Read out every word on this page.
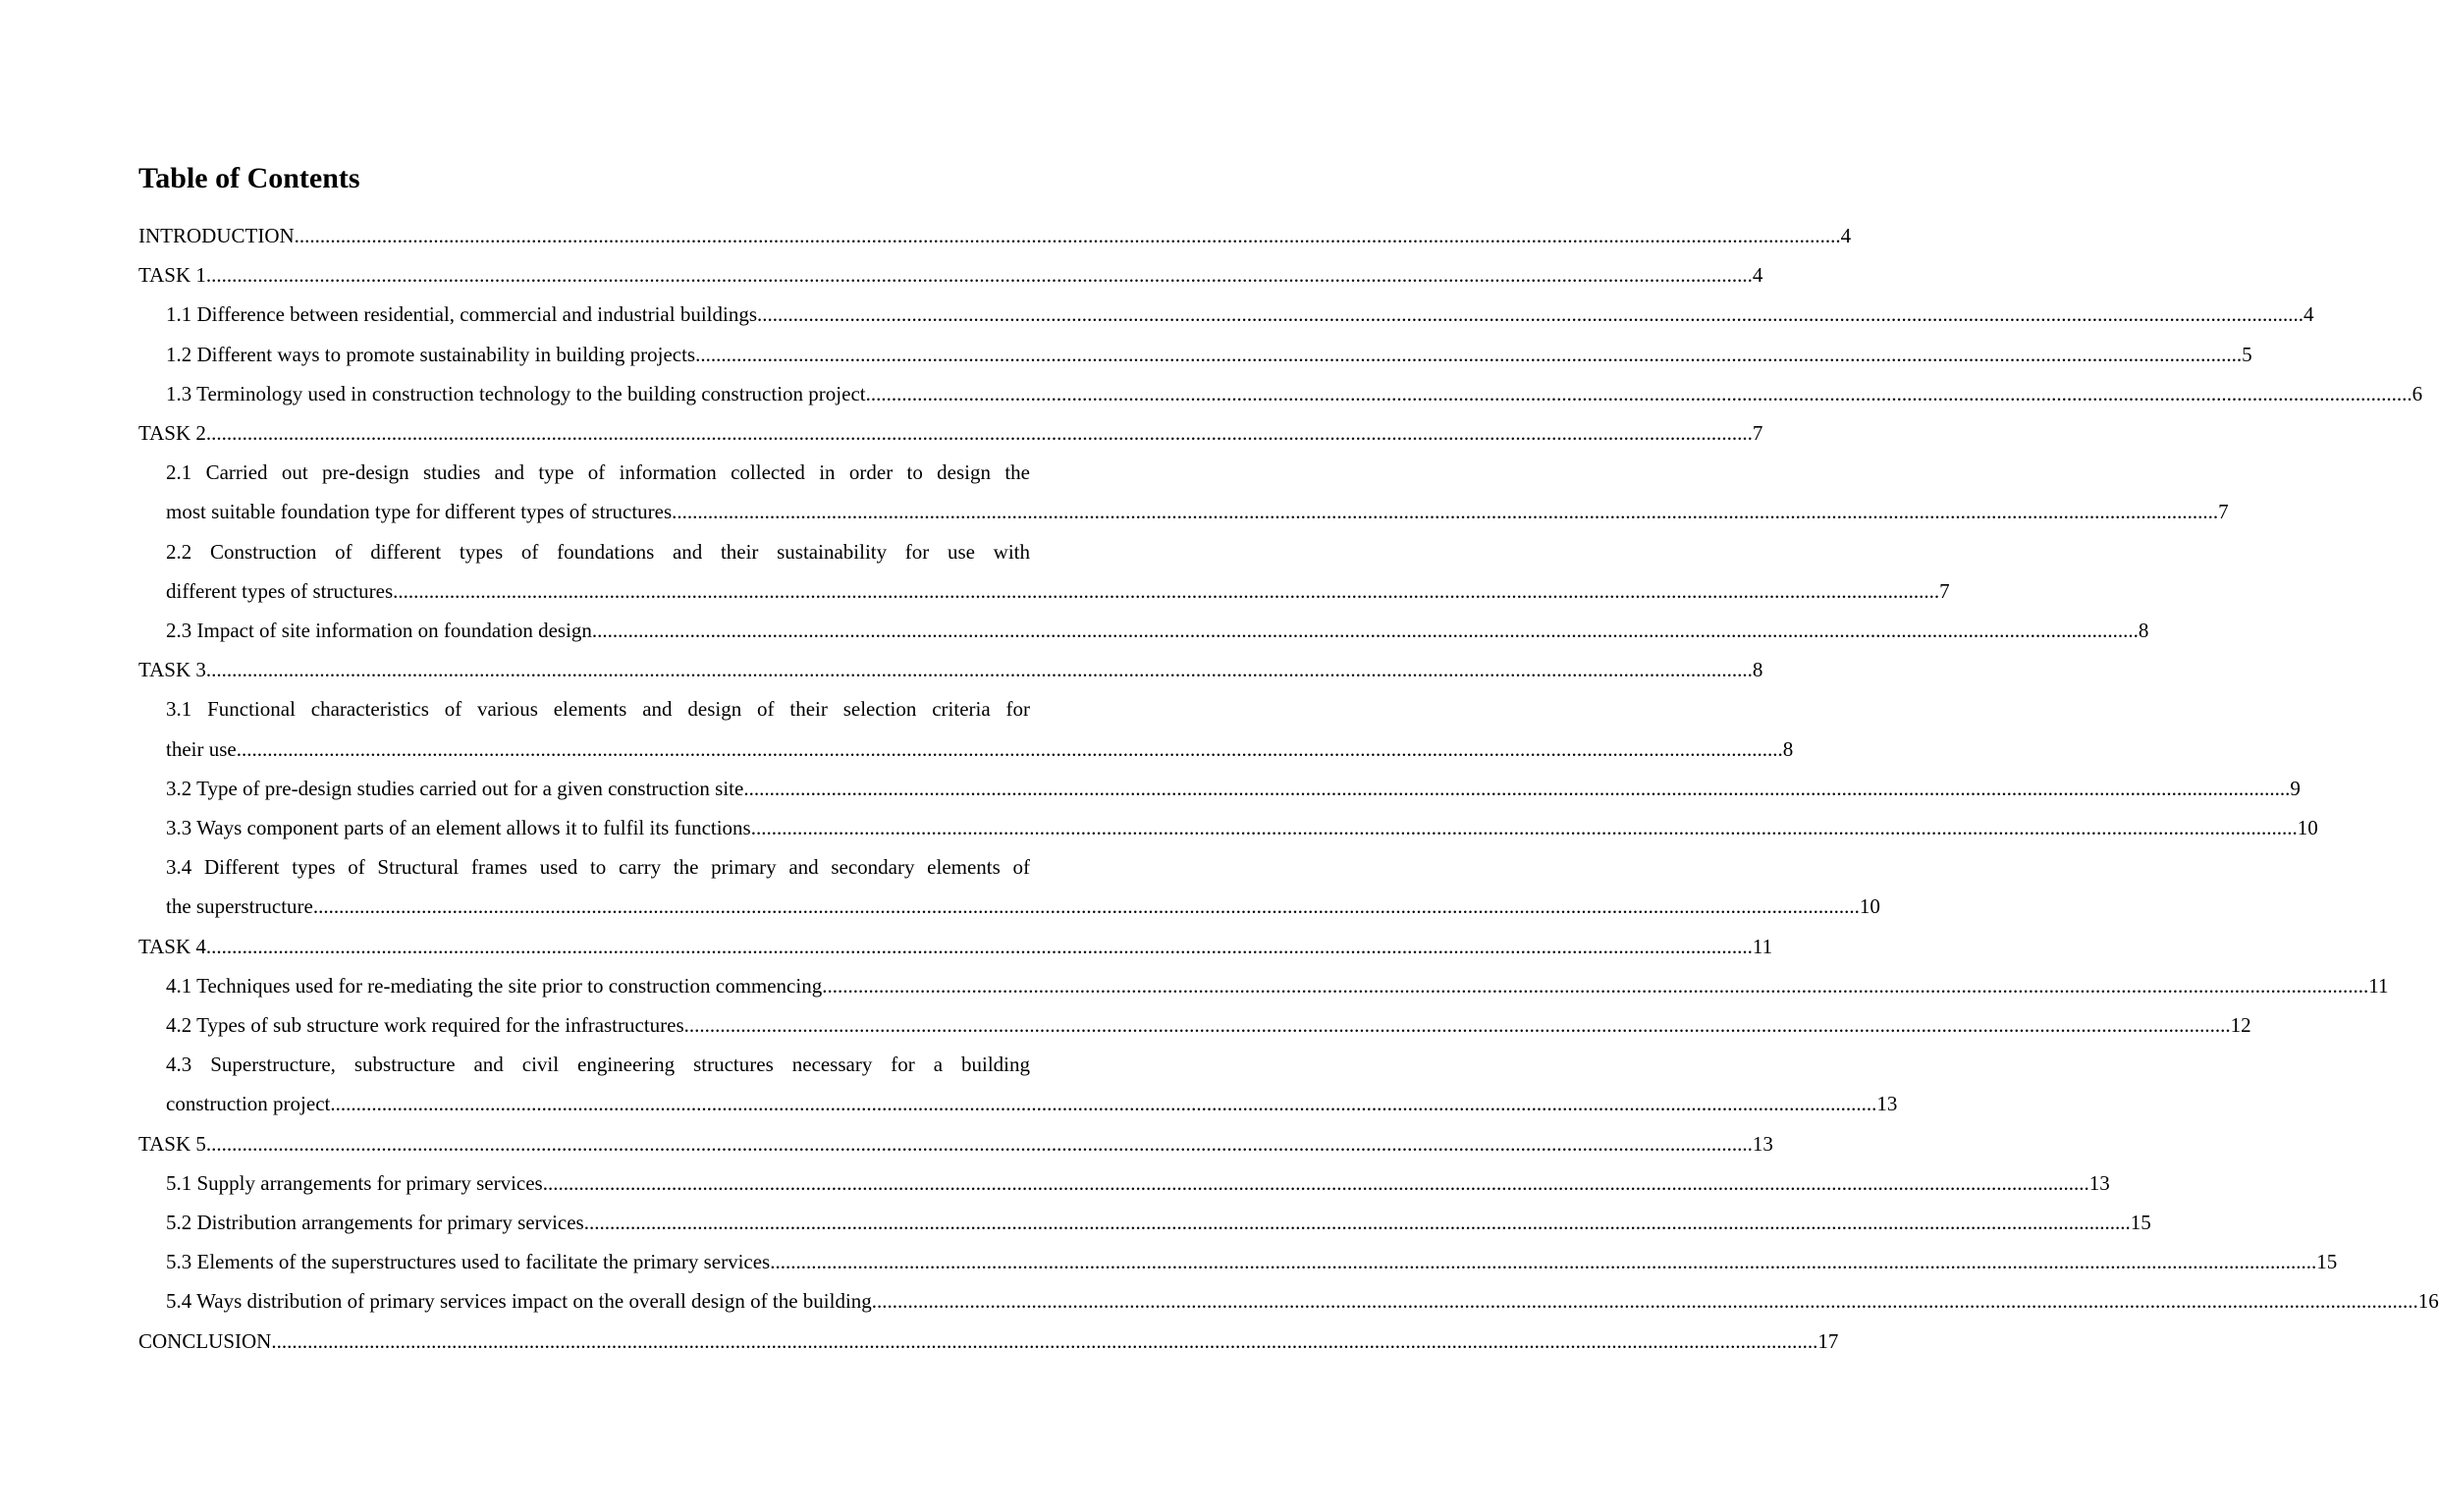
Table of Contents
INTRODUCTION ............................................................................................................................................................................................................................................................................................................ 4
TASK 1 ............................................................................................................................................................................................................................................................................................................ 4
1.1 Difference between residential, commercial and industrial buildings ............................................................................................................................................................................................................................................................................................................ 4
1.2 Different ways to promote sustainability in building projects ............................................................................................................................................................................................................................................................................................................ 5
1.3 Terminology used in construction technology to the building construction project ............................................................................................................................................................................................................................................................................................................ 6
TASK 2 ............................................................................................................................................................................................................................................................................................................ 7
2.1 Carried out pre-design studies and type of information collected in order to design the
most suitable foundation type for different types of structures ............................................................................................................................................................................................................................................................................................................ 7
2.2 Construction of different types of foundations and their sustainability for use with
different types of structures ............................................................................................................................................................................................................................................................................................................ 7
2.3 Impact of site information on foundation design ............................................................................................................................................................................................................................................................................................................ 8
TASK 3 ............................................................................................................................................................................................................................................................................................................ 8
3.1 Functional characteristics of various elements and design of their selection criteria for
their use ............................................................................................................................................................................................................................................................................................................ 8
3.2 Type of pre-design studies carried out for a given construction site ............................................................................................................................................................................................................................................................................................................ 9
3.3 Ways component parts of an element allows it to fulfil its functions ............................................................................................................................................................................................................................................................................................................ 10
3.4 Different types of Structural frames used to carry the primary and secondary elements of
the superstructure ............................................................................................................................................................................................................................................................................................................ 10
TASK 4 ............................................................................................................................................................................................................................................................................................................ 11
4.1 Techniques used for re-mediating the site prior to construction commencing ............................................................................................................................................................................................................................................................................................................ 11
4.2 Types of sub structure work required for the infrastructures ............................................................................................................................................................................................................................................................................................................ 12
4.3 Superstructure, substructure and civil engineering structures necessary for a building
construction project ............................................................................................................................................................................................................................................................................................................ 13
TASK 5 ............................................................................................................................................................................................................................................................................................................ 13
5.1 Supply arrangements for primary services ............................................................................................................................................................................................................................................................................................................ 13
5.2 Distribution arrangements for primary services ............................................................................................................................................................................................................................................................................................................ 15
5.3 Elements of the superstructures used to facilitate the primary services ............................................................................................................................................................................................................................................................................................................ 15
5.4 Ways distribution of primary services impact on the overall design of the building ............................................................................................................................................................................................................................................................................................................ 16
CONCLUSION ............................................................................................................................................................................................................................................................................................................ 17
